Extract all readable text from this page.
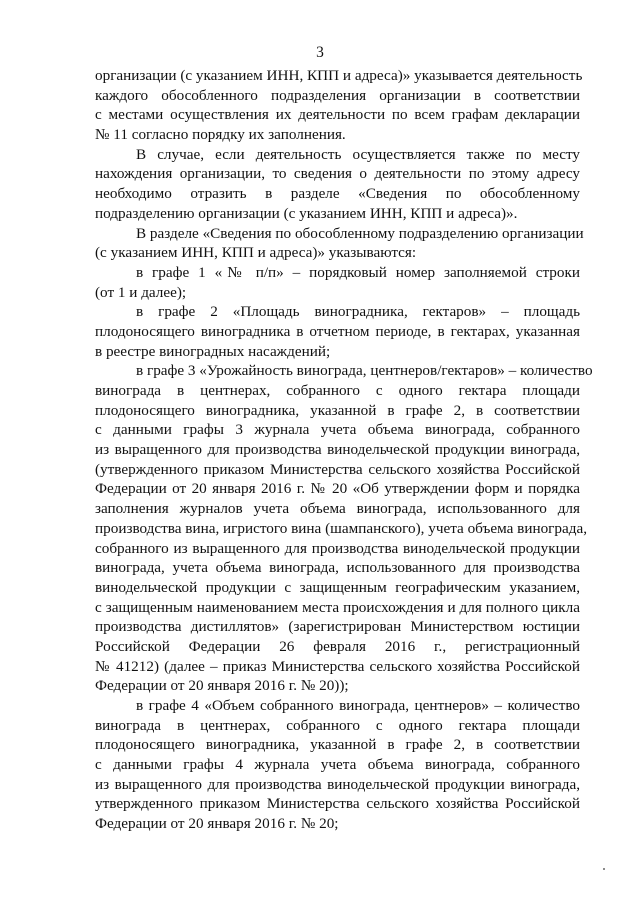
3
организации (с указанием ИНН, КПП и адреса)» указывается деятельность
каждого обособленного подразделения организации в соответствии
с местами осуществления их деятельности по всем графам декларации
№ 11 согласно порядку их заполнения.
В случае, если деятельность осуществляется также по месту
нахождения организации, то сведения о деятельности по этому адресу
необходимо отразить в разделе «Сведения по обособленному
подразделению организации (с указанием ИНН, КПП и адреса)».
В разделе «Сведения по обособленному подразделению организации
(с указанием ИНН, КПП и адреса)» указываются:
в графе 1 «№ п/п» – порядковый номер заполняемой строки
(от 1 и далее);
в графе 2 «Площадь виноградника, гектаров» – площадь
плодоносящего виноградника в отчетном периоде, в гектарах, указанная
в реестре виноградных насаждений;
в графе 3 «Урожайность винограда, центнеров/гектаров» – количество
винограда в центнерах, собранного с одного гектара площади
плодоносящего виноградника, указанной в графе 2, в соответствии
с данными графы 3 журнала учета объема винограда, собранного
из выращенного для производства винодельческой продукции винограда,
(утвержденного приказом Министерства сельского хозяйства Российской
Федерации от 20 января 2016 г. № 20 «Об утверждении форм и порядка
заполнения журналов учета объема винограда, использованного для
производства вина, игристого вина (шампанского), учета объема винограда,
собранного из выращенного для производства винодельческой продукции
винограда, учета объема винограда, использованного для производства
винодельческой продукции с защищенным географическим указанием,
с защищенным наименованием места происхождения и для полного цикла
производства дистиллятов» (зарегистрирован Министерством юстиции
Российской Федерации 26 февраля 2016 г., регистрационный
№ 41212) (далее – приказ Министерства сельского хозяйства Российской
Федерации от 20 января 2016 г. № 20));
в графе 4 «Объем собранного винограда, центнеров» – количество
винограда в центнерах, собранного с одного гектара площади
плодоносящего виноградника, указанной в графе 2, в соответствии
с данными графы 4 журнала учета объема винограда, собранного
из выращенного для производства винодельческой продукции винограда,
утвержденного приказом Министерства сельского хозяйства Российской
Федерации от 20 января 2016 г. № 20;
